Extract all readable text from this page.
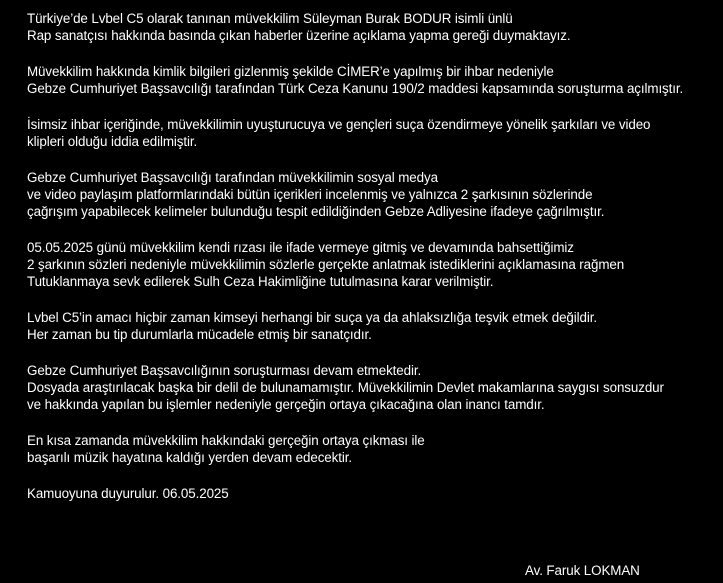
Türkiye’de Lvbel C5 olarak tanınan müvekkilim Süleyman Burak BODUR isimli ünlü
Rap sanatçısı hakkında basında çıkan haberler üzerine açıklama yapma gereği duymaktayız.

Müvekkilim hakkında kimlik bilgileri gizlenmiş şekilde CİMER’e yapılmış bir ihbar nedeniyle
Gebze Cumhuriyet Başsavcılığı tarafından Türk Ceza Kanunu 190/2 maddesi kapsamında soruşturma açılmıştır.

İsimsiz ihbar içeriğinde, müvekkilimin uyuşturucuya ve gençleri suça özendirmeye yönelik şarkıları ve video
klipleri olduğu iddia edilmiştir.

Gebze Cumhuriyet Başsavcılığı tarafından müvekkilimin sosyal medya
ve video paylaşım platformlarındaki bütün içerikleri incelenmiş ve yalnızca 2 şarkısının sözlerinde
çağrışım yapabilecek kelimeler bulunduğu tespit edildiğinden Gebze Adliyesine ifadeye çağrılmıştır.

05.05.2025 günü müvekkilim kendi rızası ile ifade vermeye gitmiş ve devamında bahsettiğimiz
2 şarkının sözleri nedeniyle müvekkilimin sözlerle gerçekte anlatmak istediklerini açıklamasına rağmen
Tutuklanmaya sevk edilerek Sulh Ceza Hakimliğine tutulmasına karar verilmiştir.

Lvbel C5’in amacı hiçbir zaman kimseyi herhangi bir suça ya da ahlaksızlığa teşvik etmek değildir.
Her zaman bu tip durumlarla mücadele etmiş bir sanatçıdır.

Gebze Cumhuriyet Başsavcılığının soruşturması devam etmektedir.
Dosyada araştırılacak başka bir delil de bulunamamıştır. Müvekkilimin Devlet makamlarına saygısı sonsuzdur
ve hakkında yapılan bu işlemler nedeniyle gerçeğin ortaya çıkacağına olan inancı tamdır.

En kısa zamanda müvekkilim hakkındaki gerçeğin ortaya çıkması ile
başarılı müzik hayatına kaldığı yerden devam edecektir.

Kamuoyuna duyurulur. 06.05.2025

Av. Faruk LOKMAN
